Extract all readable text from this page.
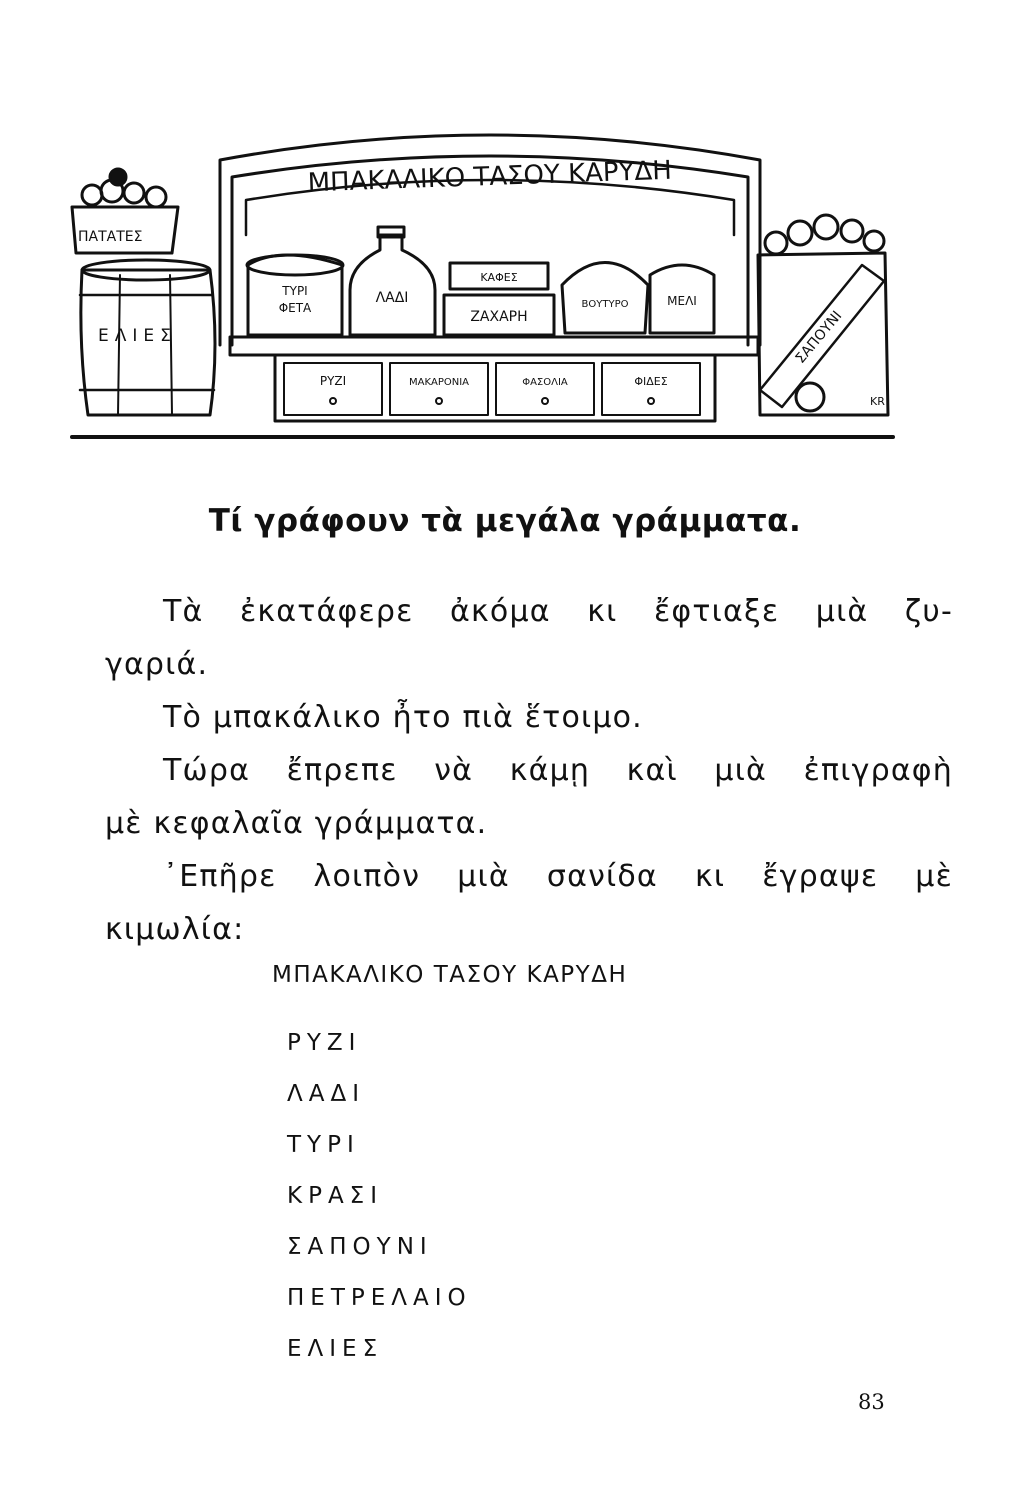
ΜΠΑΚΑΛΙΚΟ ΤΑΣΟΥ ΚΑΡΥΔΗ
ΠΑΤΑΤΕΣ
ΕΛΙΕΣ
ΤΥΡΙ
ΦΕΤΑ
ΛΑΔΙ
ΚΑΦΕΣ
ΖΑΧΑΡΗ
ΒΟΥΤΥΡΟ	ΜΕΛΙ
ΡΥΖΙ	ΜΑΚΑΡΟΝΙΑ	ΦΑΣΟΛΙΑ	ΦΙΔΕΣ
ΣΑΠΟΥΝΙ
KR
Τί γράφουν τὰ μεγάλα γράμματα.
Τὰ ἐκατάφερε ἀκόμα κι ἔφτιαξε μιὰ ζυ-
γαριά.
Τὸ μπακάλικο ἦτο πιὰ ἕτοιμο.
Τώρα ἔπρεπε νὰ κάμῃ καὶ μιὰ ἐπιγραφὴ
μὲ κεφαλαῖα γράμματα.
᾽Επῆρε λοιπὸν μιὰ σανίδα κι ἔγραψε μὲ
κιμωλία:
ΜΠΑΚΑΛΙΚΟ ΤΑΣΟΥ ΚΑΡΥΔΗ
ΡΥΖΙ
ΛΑΔΙ
ΤΥΡΙ
ΚΡΑΣΙ
ΣΑΠΟΥΝΙ
ΠΕΤΡΕΛΑΙΟ
ΕΛΙΕΣ
83
